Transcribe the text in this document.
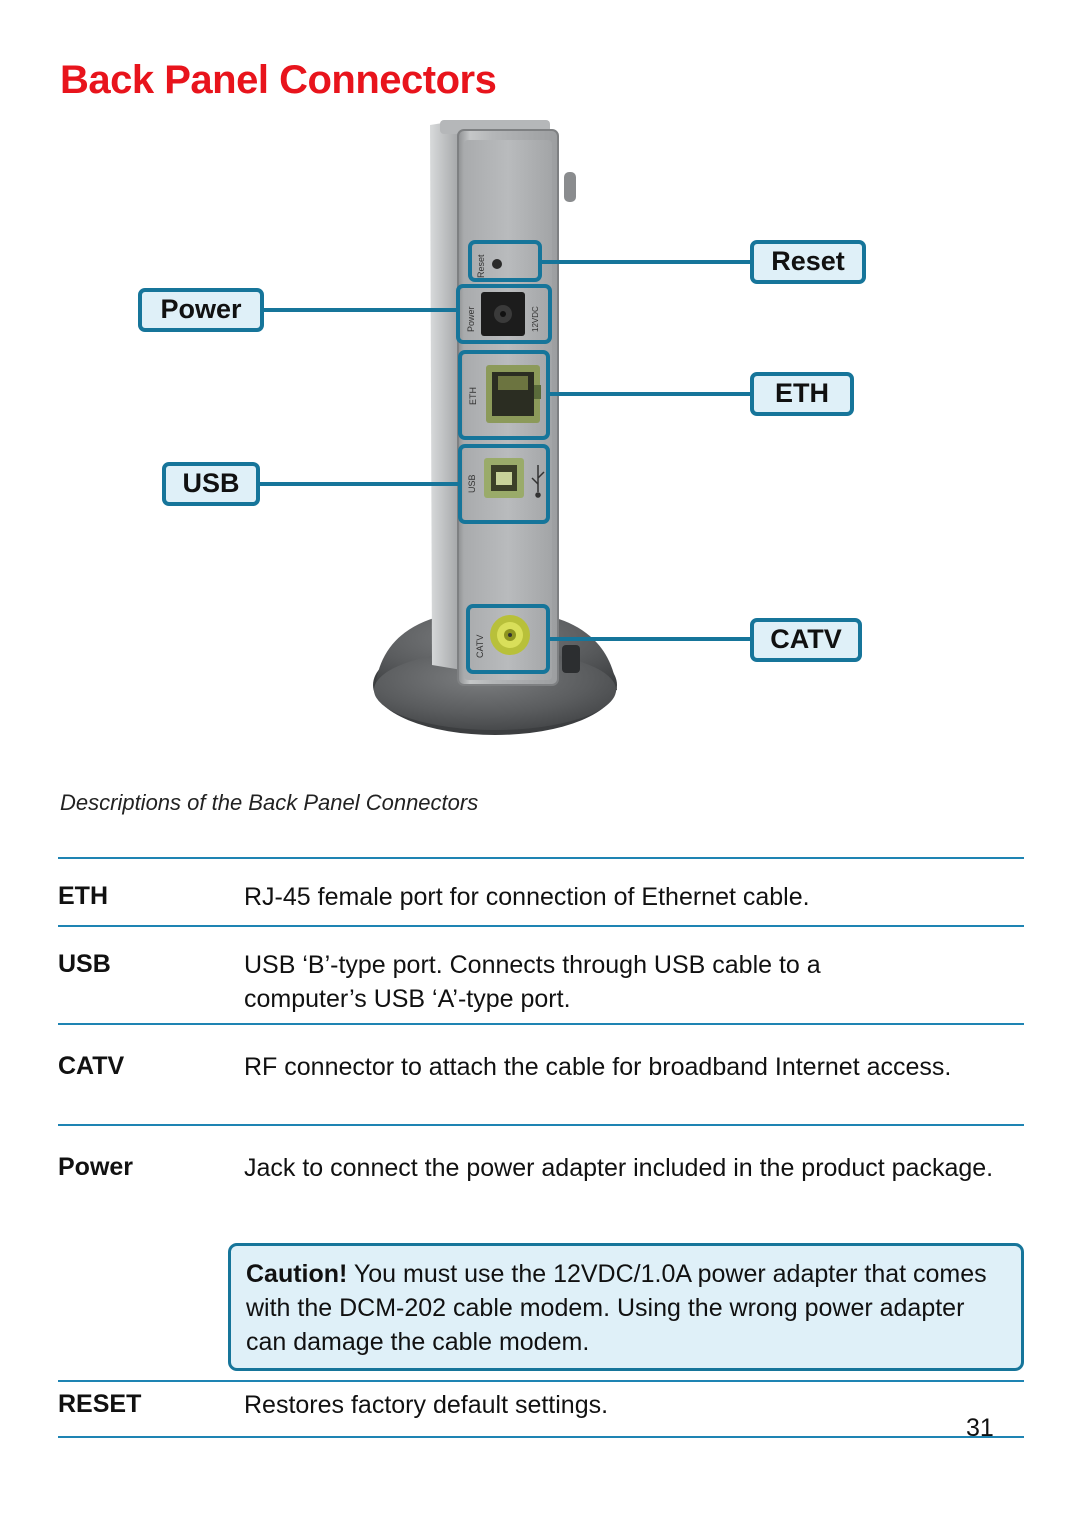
Back Panel Connectors
Reset
Power	12VDC
ETH
USB
CATV
Reset
Power
ETH
USB
CATV
Descriptions of the Back Panel Connectors
ETH	RJ-45 female port for connection of Ethernet cable.
USB	USB ‘B’-type port. Connects through USB cable to a computer’s USB ‘A’-type port.
CATV	RF connector to attach the cable for broadband Internet access.
Power	Jack to connect the power adapter included in the product package.
Caution! You must use the 12VDC/1.0A power adapter that comes with the DCM-202 cable modem. Using the wrong power adapter can damage the cable modem.
RESET	Restores factory default settings.
31
